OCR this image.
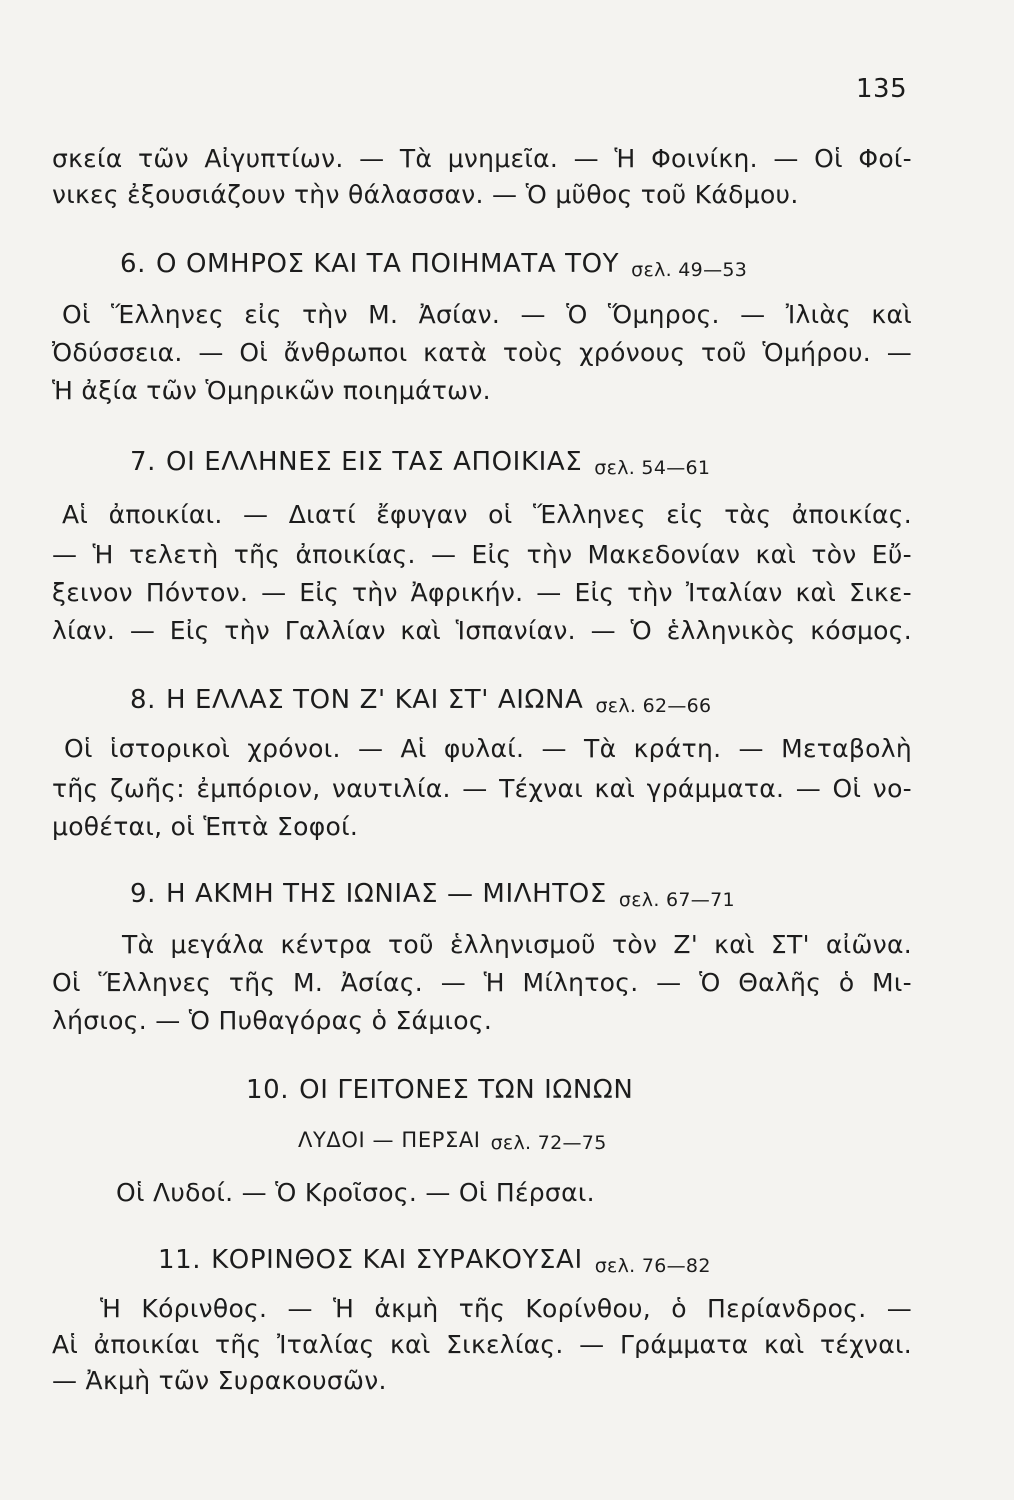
135
σκεία τῶν Αἰγυπτίων. — Τὰ μνημεῖα. — Ἡ Φοινίκη. — Οἱ Φοί-
νικες ἐξουσιάζουν τὴν θάλασσαν. — Ὁ μῦθος τοῦ Κάδμου.
6. Ο ΟΜΗΡΟΣ ΚΑΙ ΤΑ ΠΟΙΗΜΑΤΑ ΤΟΥ σελ. 49—53
Οἱ Ἕλληνες εἰς τὴν Μ. Ἀσίαν. — Ὁ Ὅμηρος. — Ἰλιὰς καὶ
Ὀδύσσεια. — Οἱ ἄνθρωποι κατὰ τοὺς χρόνους τοῦ Ὁμήρου. —
Ἡ ἀξία τῶν Ὁμηρικῶν ποιημάτων.
7. ΟΙ ΕΛΛΗΝΕΣ ΕΙΣ ΤΑΣ ΑΠΟΙΚΙΑΣ σελ. 54—61
Αἱ ἀποικίαι. — Διατί ἔφυγαν οἱ Ἕλληνες εἰς τὰς ἀποικίας.
— Ἡ τελετὴ τῆς ἀποικίας. — Εἰς τὴν Μακεδονίαν καὶ τὸν Εὔ-
ξεινον Πόντον. — Εἰς τὴν Ἀφρικήν. — Εἰς τὴν Ἰταλίαν καὶ Σικε-
λίαν. — Εἰς τὴν Γαλλίαν καὶ Ἱσπανίαν. — Ὁ ἑλληνικὸς κόσμος.
8. Η ΕΛΛΑΣ ΤΟΝ Ζ' ΚΑΙ ΣΤ' ΑΙΩΝΑ σελ. 62—66
Οἱ ἱστορικοὶ χρόνοι. — Αἱ φυλαί. — Τὰ κράτη. — Μεταβολὴ
τῆς ζωῆς: ἐμπόριον, ναυτιλία. — Τέχναι καὶ γράμματα. — Οἱ νο-
μοθέται, οἱ Ἑπτὰ Σοφοί.
9. Η ΑΚΜΗ ΤΗΣ ΙΩΝΙΑΣ — ΜΙΛΗΤΟΣ σελ. 67—71
Τὰ μεγάλα κέντρα τοῦ ἑλληνισμοῦ τὸν Ζ' καὶ ΣΤ' αἰῶνα.
Οἱ Ἕλληνες τῆς Μ. Ἀσίας. — Ἡ Μίλητος. — Ὁ Θαλῆς ὁ Μι-
λήσιος. — Ὁ Πυθαγόρας ὁ Σάμιος.
10. ΟΙ ΓΕΙΤΟΝΕΣ ΤΩΝ ΙΩΝΩΝ
ΛΥΔΟΙ — ΠΕΡΣΑΙ σελ. 72—75
Οἱ Λυδοί. — Ὁ Κροῖσος. — Οἱ Πέρσαι.
11. ΚΟΡΙΝΘΟΣ ΚΑΙ ΣΥΡΑΚΟΥΣΑΙ σελ. 76—82
Ἡ Κόρινθος. — Ἡ ἀκμὴ τῆς Κορίνθου, ὁ Περίανδρος. —
Αἱ ἀποικίαι τῆς Ἰταλίας καὶ Σικελίας. — Γράμματα καὶ τέχναι.
— Ἀκμὴ τῶν Συρακουσῶν.
